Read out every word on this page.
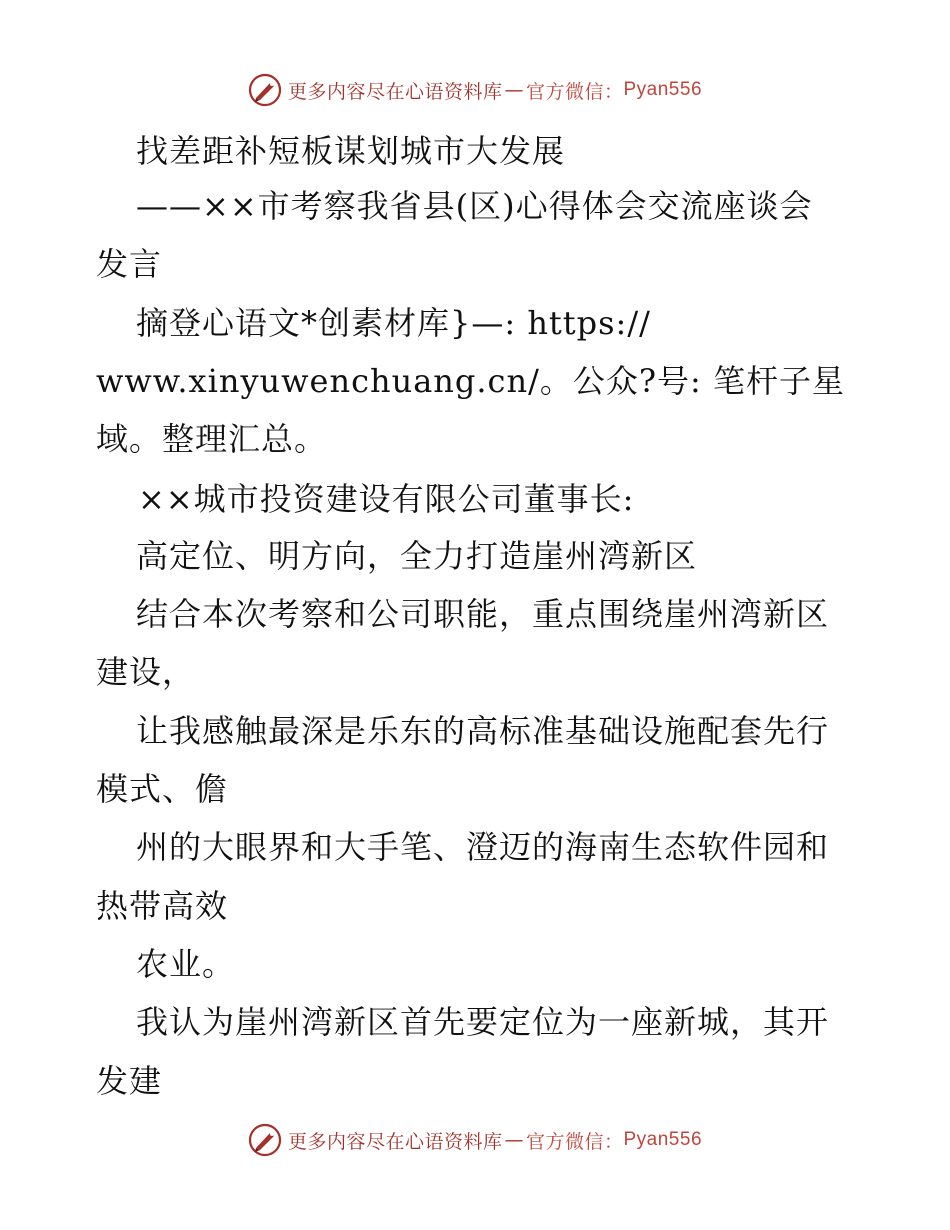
更多内容尽在心语资料库 — 官方微信： Pyan556
找差距补短板谋划城市大发展
——××市考察我省县(区)心得体会交流座谈会
发言
摘登心语文*创素材库}—: https://
www.xinyuwenchuang.cn/。公众?号: 笔杆子星
域。整理汇总。
××城市投资建设有限公司董事长:
高定位、明方向，全力打造崖州湾新区
结合本次考察和公司职能，重点围绕崖州湾新区
建设，
让我感触最深是乐东的高标准基础设施配套先行
模式、儋
州的大眼界和大手笔、澄迈的海南生态软件园和
热带高效
农业。
我认为崖州湾新区首先要定位为一座新城，其开
发建
更多内容尽在心语资料库 — 官方微信： Pyan556
